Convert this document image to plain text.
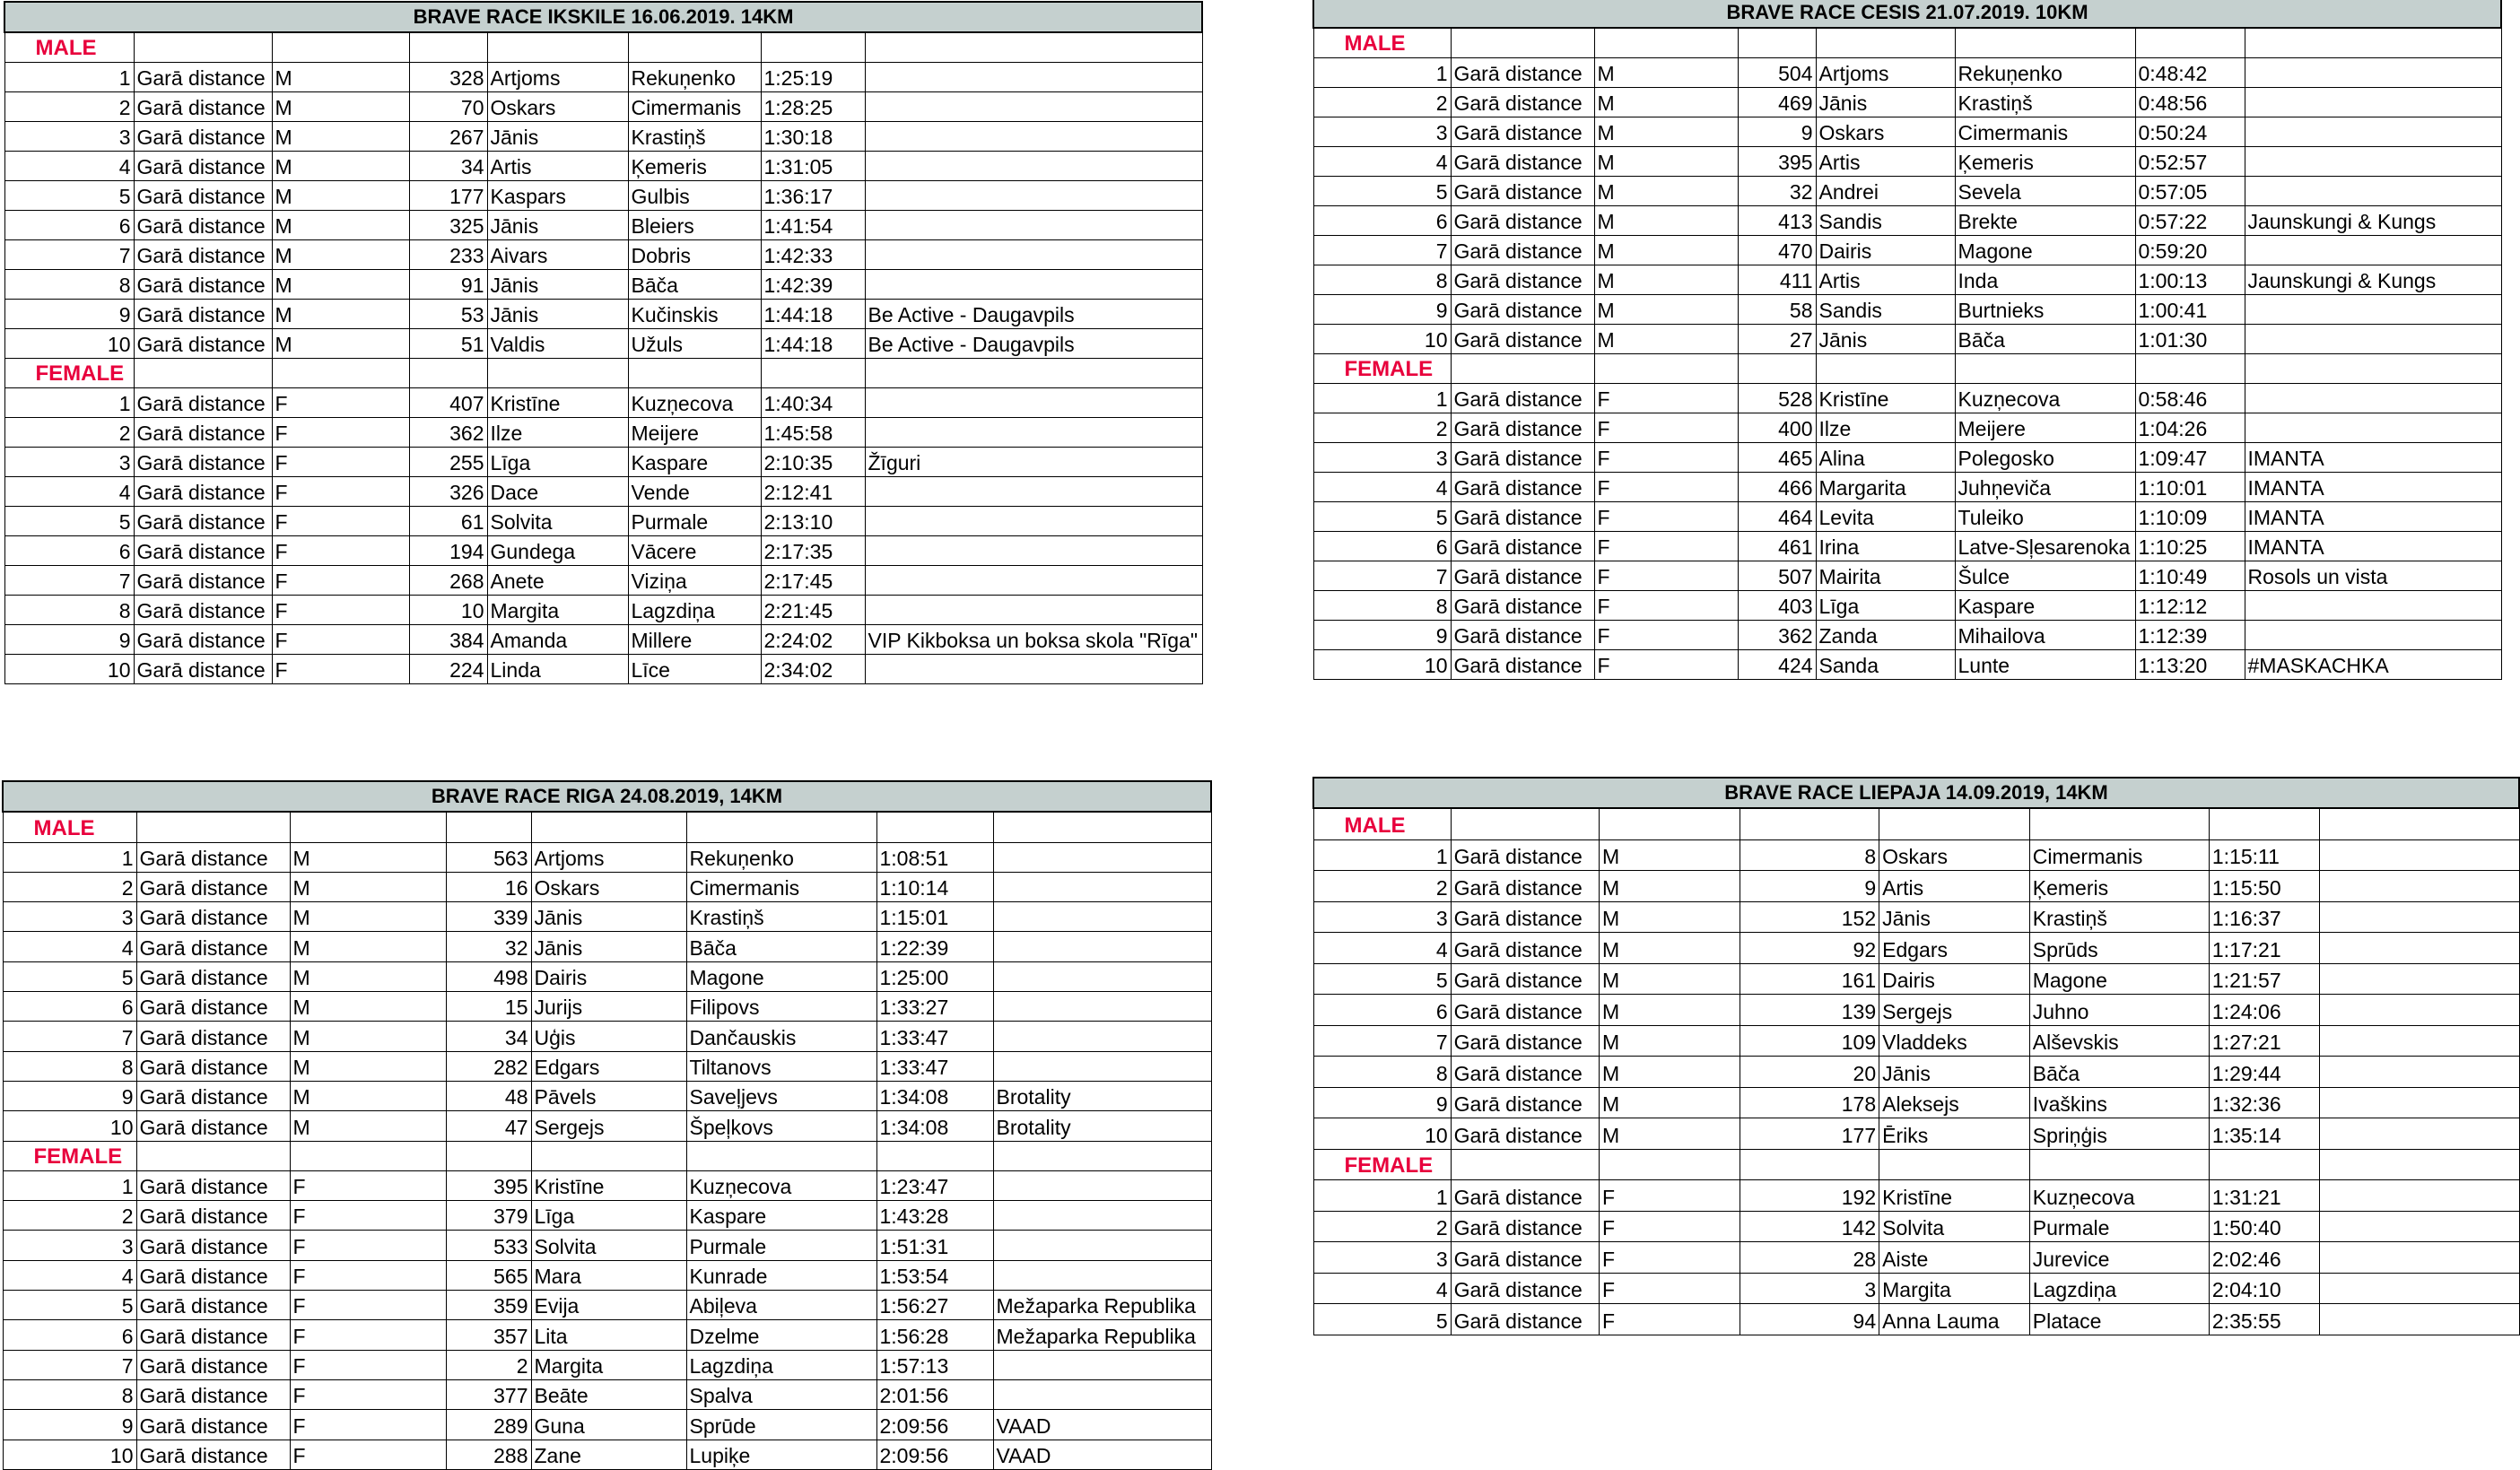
BRAVE RACE IKSKILE 16.06.2019. 14KM							
MALE							
1	Garā distance	M	328	Artjoms	Rekuņenko	1:25:19	
2	Garā distance	M	70	Oskars	Cimermanis	1:28:25	
3	Garā distance	M	267	Jānis	Krastiņš	1:30:18	
4	Garā distance	M	34	Artis	Ķemeris	1:31:05	
5	Garā distance	M	177	Kaspars	Gulbis	1:36:17	
6	Garā distance	M	325	Jānis	Bleiers	1:41:54	
7	Garā distance	M	233	Aivars	Dobris	1:42:33	
8	Garā distance	M	91	Jānis	Bāča	1:42:39	
9	Garā distance	M	53	Jānis	Kučinskis	1:44:18	Be Active - Daugavpils
10	Garā distance	M	51	Valdis	Užuls	1:44:18	Be Active - Daugavpils
FEMALE							
1	Garā distance	F	407	Kristīne	Kuzņecova	1:40:34	
2	Garā distance	F	362	Ilze	Meijere	1:45:58	
3	Garā distance	F	255	Līga	Kaspare	2:10:35	Žīguri
4	Garā distance	F	326	Dace	Vende	2:12:41	
5	Garā distance	F	61	Solvita	Purmale	2:13:10	
6	Garā distance	F	194	Gundega	Vācere	2:17:35	
7	Garā distance	F	268	Anete	Viziņa	2:17:45	
8	Garā distance	F	10	Margita	Lagzdiņa	2:21:45	
9	Garā distance	F	384	Amanda	Millere	2:24:02	VIP Kikboksa un boksa skola "Rīga"
10	Garā distance	F	224	Linda	Līce	2:34:02	
BRAVE RACE CESIS 21.07.2019. 10KM							
MALE							
1	Garā distance	M	504	Artjoms	Rekuņenko	0:48:42	
2	Garā distance	M	469	Jānis	Krastiņš	0:48:56	
3	Garā distance	M	9	Oskars	Cimermanis	0:50:24	
4	Garā distance	M	395	Artis	Ķemeris	0:52:57	
5	Garā distance	M	32	Andrei	Sevela	0:57:05	
6	Garā distance	M	413	Sandis	Brekte	0:57:22	Jaunskungi & Kungs
7	Garā distance	M	470	Dairis	Magone	0:59:20	
8	Garā distance	M	411	Artis	Inda	1:00:13	Jaunskungi & Kungs
9	Garā distance	M	58	Sandis	Burtnieks	1:00:41	
10	Garā distance	M	27	Jānis	Bāča	1:01:30	
FEMALE							
1	Garā distance	F	528	Kristīne	Kuzņecova	0:58:46	
2	Garā distance	F	400	Ilze	Meijere	1:04:26	
3	Garā distance	F	465	Alina	Polegosko	1:09:47	IMANTA
4	Garā distance	F	466	Margarita	Juhņeviča	1:10:01	IMANTA
5	Garā distance	F	464	Levita	Tuleiko	1:10:09	IMANTA
6	Garā distance	F	461	Irina	Latve-Sļesarenoka	1:10:25	IMANTA
7	Garā distance	F	507	Mairita	Šulce	1:10:49	Rosols un vista
8	Garā distance	F	403	Līga	Kaspare	1:12:12	
9	Garā distance	F	362	Zanda	Mihailova	1:12:39	
10	Garā distance	F	424	Sanda	Lunte	1:13:20	#MASKACHKA
BRAVE RACE RIGA 24.08.2019, 14KM							
MALE							
1	Garā distance	M	563	Artjoms	Rekuņenko	1:08:51	
2	Garā distance	M	16	Oskars	Cimermanis	1:10:14	
3	Garā distance	M	339	Jānis	Krastiņš	1:15:01	
4	Garā distance	M	32	Jānis	Bāča	1:22:39	
5	Garā distance	M	498	Dairis	Magone	1:25:00	
6	Garā distance	M	15	Jurijs	Filipovs	1:33:27	
7	Garā distance	M	34	Uģis	Dančauskis	1:33:47	
8	Garā distance	M	282	Edgars	Tiltanovs	1:33:47	
9	Garā distance	M	48	Pāvels	Saveļjevs	1:34:08	Brotality
10	Garā distance	M	47	Sergejs	Špeļkovs	1:34:08	Brotality
FEMALE							
1	Garā distance	F	395	Kristīne	Kuzņecova	1:23:47	
2	Garā distance	F	379	Līga	Kaspare	1:43:28	
3	Garā distance	F	533	Solvita	Purmale	1:51:31	
4	Garā distance	F	565	Mara	Kunrade	1:53:54	
5	Garā distance	F	359	Evija	Abiļeva	1:56:27	Mežaparka Republika
6	Garā distance	F	357	Lita	Dzelme	1:56:28	Mežaparka Republika
7	Garā distance	F	2	Margita	Lagzdiņa	1:57:13	
8	Garā distance	F	377	Beāte	Spalva	2:01:56	
9	Garā distance	F	289	Guna	Sprūde	2:09:56	VAAD
10	Garā distance	F	288	Zane	Lupiķe	2:09:56	VAAD
BRAVE RACE LIEPAJA 14.09.2019, 14KM							
MALE							
1	Garā distance	M	8	Oskars	Cimermanis	1:15:11	
2	Garā distance	M	9	Artis	Ķemeris	1:15:50	
3	Garā distance	M	152	Jānis	Krastiņš	1:16:37	
4	Garā distance	M	92	Edgars	Sprūds	1:17:21	
5	Garā distance	M	161	Dairis	Magone	1:21:57	
6	Garā distance	M	139	Sergejs	Juhno	1:24:06	
7	Garā distance	M	109	Vladdeks	Alševskis	1:27:21	
8	Garā distance	M	20	Jānis	Bāča	1:29:44	
9	Garā distance	M	178	Aleksejs	Ivaškins	1:32:36	
10	Garā distance	M	177	Ēriks	Spriņģis	1:35:14	
FEMALE							
1	Garā distance	F	192	Kristīne	Kuzņecova	1:31:21	
2	Garā distance	F	142	Solvita	Purmale	1:50:40	
3	Garā distance	F	28	Aiste	Jurevice	2:02:46	
4	Garā distance	F	3	Margita	Lagzdiņa	2:04:10	
5	Garā distance	F	94	Anna Lauma	Platace	2:35:55	
